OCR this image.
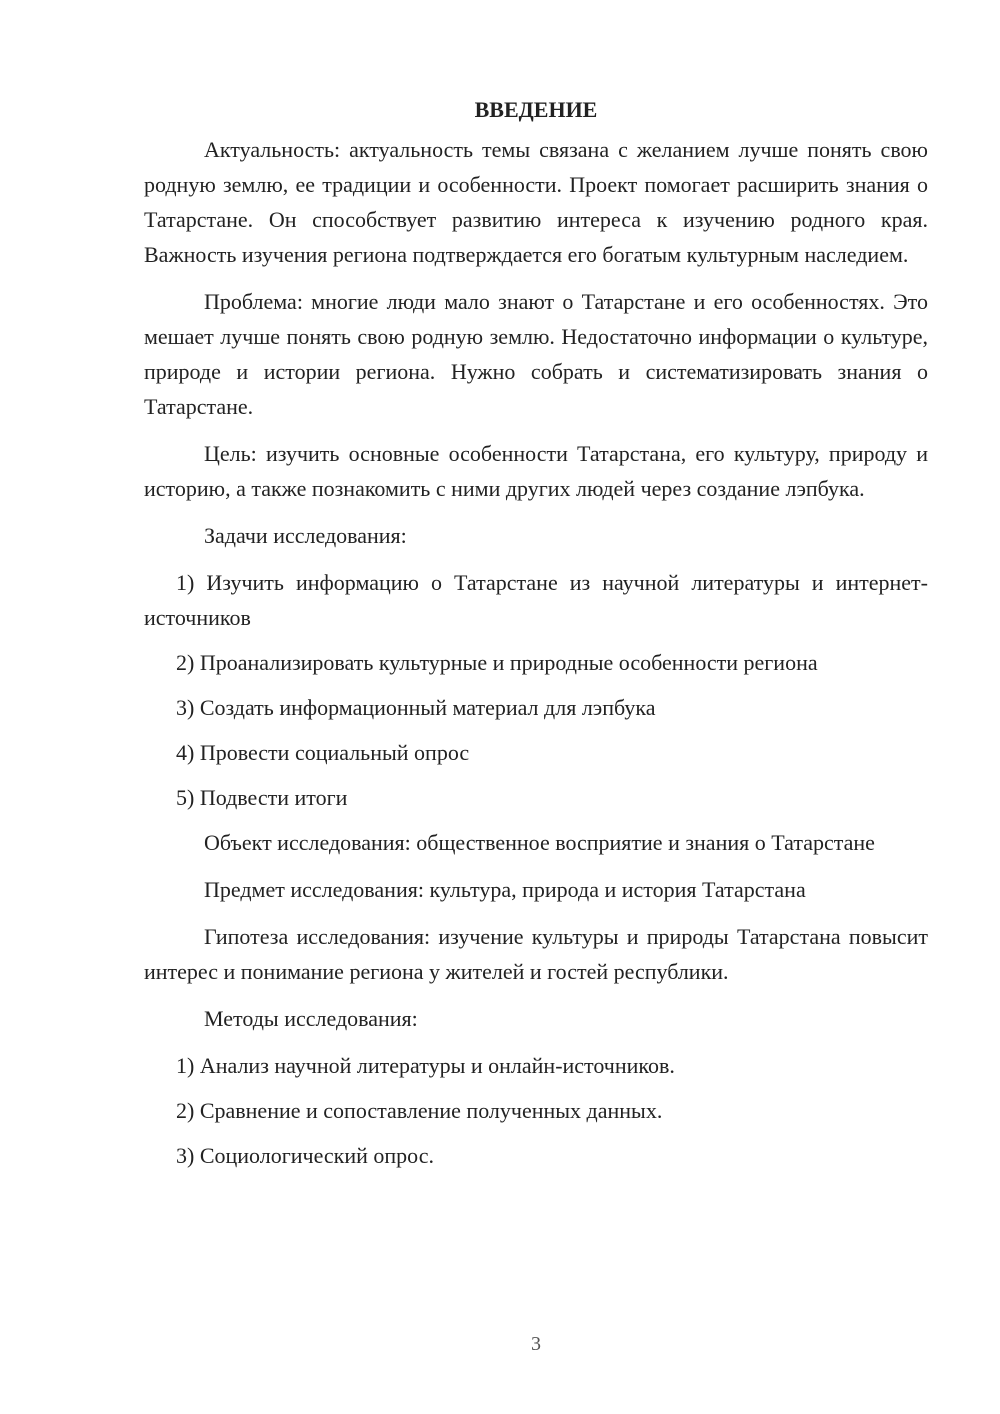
ВВЕДЕНИЕ

Актуальность: актуальность темы связана с желанием лучше понять свою родную землю, ее традиции и особенности. Проект помогает расширить знания о Татарстане. Он способствует развитию интереса к изучению родного края. Важность изучения региона подтверждается его богатым культурным наследием.

Проблема: многие люди мало знают о Татарстане и его особенностях. Это мешает лучше понять свою родную землю. Недостаточно информации о культуре, природе и истории региона. Нужно собрать и систематизировать знания о Татарстане.

Цель: изучить основные особенности Татарстана, его культуру, природу и историю, а также познакомить с ними других людей через создание лэпбука.

Задачи исследования:

1) Изучить информацию о Татарстане из научной литературы и интернет-источников

2) Проанализировать культурные и природные особенности региона

3) Создать информационный материал для лэпбука

4) Провести социальный опрос

5) Подвести итоги

Объект исследования: общественное восприятие и знания о Татарстане

Предмет исследования: культура, природа и история Татарстана

Гипотеза исследования: изучение культуры и природы Татарстана повысит интерес и понимание региона у жителей и гостей республики.

Методы исследования:

1) Анализ научной литературы и онлайн-источников.

2) Сравнение и сопоставление полученных данных.

3) Социологический опрос.

3
